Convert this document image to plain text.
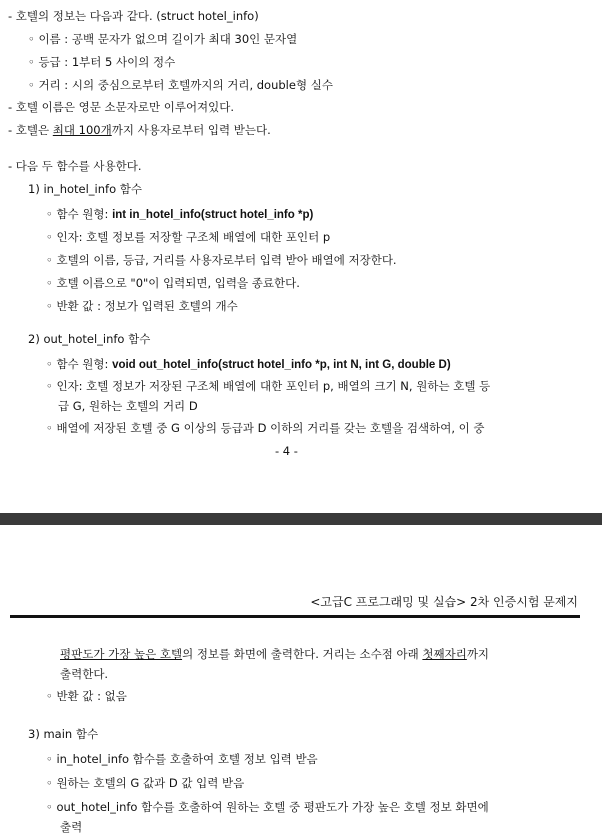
- 호텔의 정보는 다음과 같다. (struct hotel_info)
◦ 이름 : 공백 문자가 없으며 길이가 최대 30인 문자열
◦ 등급 : 1부터 5 사이의 정수
◦ 거리 : 시의 중심으로부터 호텔까지의 거리, double형 실수
- 호텔 이름은 영문 소문자로만 이루어져있다.
- 호텔은 최대 100개까지 사용자로부터 입력 받는다.
- 다음 두 함수를 사용한다.
1) in_hotel_info 함수
◦ 함수 원형: int in_hotel_info(struct hotel_info *p)
◦ 인자: 호텔 정보를 저장할 구조체 배열에 대한 포인터 p
◦ 호텔의 이름, 등급, 거리를 사용자로부터 입력 받아 배열에 저장한다.
◦ 호텔 이름으로 "0"이 입력되면, 입력을 종료한다.
◦ 반환 값 : 정보가 입력된 호텔의 개수
2) out_hotel_info 함수
◦ 함수 원형: void out_hotel_info(struct hotel_info *p, int N, int G, double D)
◦ 인자: 호텔 정보가 저장된 구조체 배열에 대한 포인터 p, 배열의 크기 N, 원하는 호텔 등
급 G, 원하는 호텔의 거리 D
◦ 배열에 저장된 호텔 중 G 이상의 등급과 D 이하의 거리를 갖는 호텔을 검색하여, 이 중
- 4 -
<고급C 프로그래밍 및 실습> 2차 인증시험 문제지
평판도가 가장 높은 호텔의 정보를 화면에 출력한다. 거리는 소수점 아래 첫째자리까지
출력한다.
◦ 반환 값 : 없음
3) main 함수
◦ in_hotel_info 함수를 호출하여 호텔 정보 입력 받음
◦ 원하는 호텔의 G 값과 D 값 입력 받음
◦ out_hotel_info 함수를 호출하여 원하는 호텔 중 평판도가 가장 높은 호텔 정보 화면에
출력
